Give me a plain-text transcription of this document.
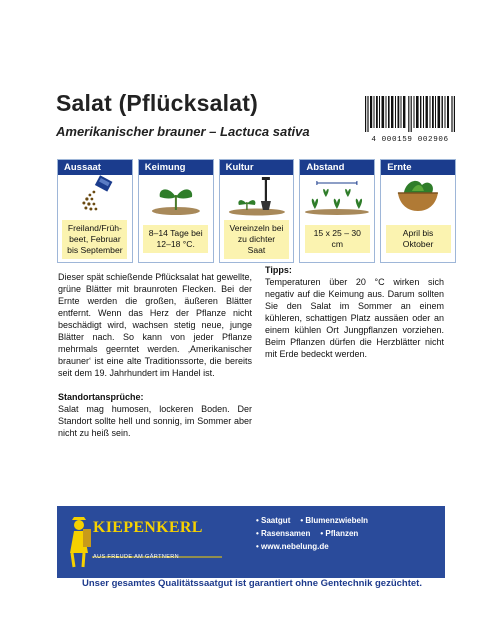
Salat (Pflücksalat)
Amerikanischer brauner – Lactuca sativa
4 000159 002906
Aussaat
Freiland/Früh-beet, Februar bis September
Keimung
8–14 Tage bei 12–18 °C.
Kultur
Vereinzeln bei zu dichter Saat
Abstand
15 x 25 – 30 cm
Ernte
April bis Oktober

Dieser spät schießende Pflücksalat hat gewellte, grüne Blätter mit braunroten Flecken. Bei der Ernte werden die großen, äußeren Blätter entfernt. Wenn das Herz der Pflanze nicht beschädigt wird, wachsen stetig neue, junge Blätter nach. So kann von jeder Pflanze mehrmals geerntet werden. ‚Amerikanischer brauner‘ ist eine alte Traditionssorte, die bereits seit dem 19. Jahrhundert im Handel ist.

Standortansprüche:

Salat mag humosen, lockeren Boden. Der Standort sollte hell und sonnig, im Sommer aber nicht zu heiß sein.

Tipps:

Temperaturen über 20 °C wirken sich negativ auf die Keimung aus. Darum sollten Sie den Salat im Sommer an einem kühleren, schattigen Platz aussäen oder an einem kühlen Ort Jungpflanzen vorziehen. Beim Pflanzen dürfen die Herzblätter nicht mit Erde bedeckt werden.

KIEPENKERL
AUS FREUDE AM GÄRTNERN
• Saatgut • Blumenzwiebeln
• Rasensamen • Pflanzen
• www.nebelung.de
Unser gesamtes Qualitätssaatgut ist garantiert ohne Gentechnik gezüchtet.
